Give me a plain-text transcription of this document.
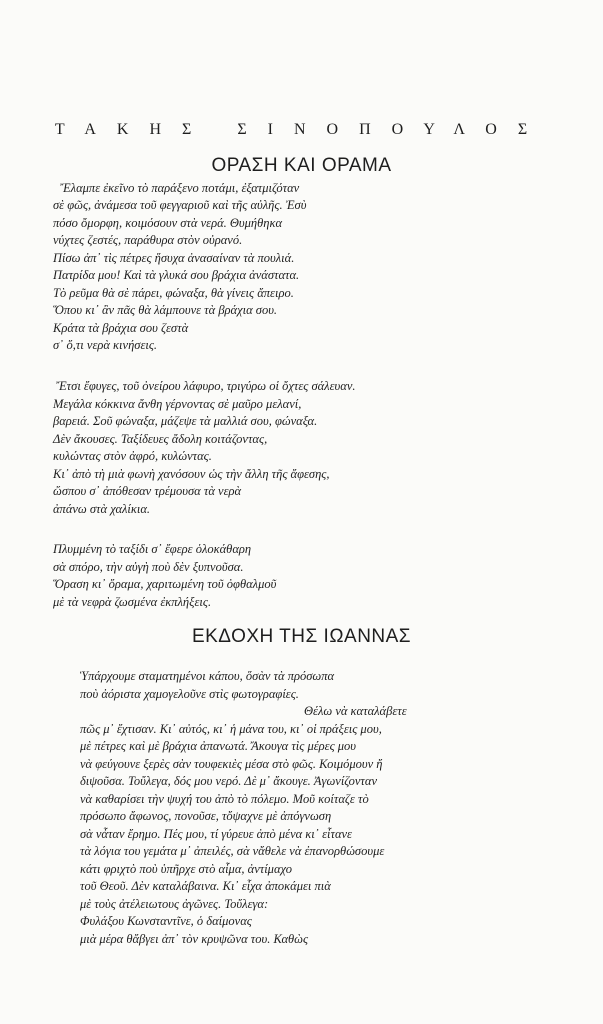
ΤΑΚΗΣ ΣΙΝΟΠΟΥΛΟΣ
ΟΡΑΣΗ ΚΑΙ ΟΡΑΜΑ
Ἔλαμπε ἐκεῖνο τὸ παράξενο ποτάμι, ἐξατμιζόταν
σὲ φῶς, ἀνάμεσα τοῦ φεγγαριοῦ καὶ τῆς αὐλῆς. Ἐσὺ
πόσο ὄμορφη, κοιμόσουν στὰ νερά. Θυμήθηκα
νύχτες ζεστές, παράθυρα στὸν οὐρανό.
Πίσω ἀπ᾿ τὶς πέτρες ἥσυχα ἀνασαίναν τὰ πουλιά.
Πατρίδα μου! Καὶ τὰ γλυκά σου βράχια ἀνάστατα.
Τὸ ρεῦμα θὰ σὲ πάρει, φώναξα, θὰ γίνεις ἄπειρο.
Ὅπου κι᾿ ἂν πᾶς θὰ λάμπουνε τὰ βράχια σου.
Κράτα τὰ βράχια σου ζεστὰ
σ᾿ ὅ,τι νερὰ κινήσεις.
Ἔτσι ἔφυγες, τοῦ ὀνείρου λάφυρο, τριγύρω οἱ ὄχτες σάλευαν.
Μεγάλα κόκκινα ἄνθη γέρνοντας σὲ μαῦρο μελανί,
βαρειά. Σοῦ φώναξα, μάζεψε τὰ μαλλιά σου, φώναξα.
Δὲν ἄκουσες. Ταξίδευες ἄδολη κοιτάζοντας,
κυλώντας στὸν ἀφρό, κυλώντας.
Κι᾿ ἀπὸ τὴ μιὰ φωνὴ χανόσουν ὡς τὴν ἄλλη τῆς ἄφεσης,
ὥσπου σ᾿ ἀπόθεσαν τρέμουσα τὰ νερὰ
ἀπάνω στὰ χαλίκια.
Πλυμμένη τὸ ταξίδι σ᾿ ἔφερε ὁλοκάθαρη
σὰ σπόρο, τὴν αὐγὴ ποὺ δὲν ξυπνοῦσα.
Ὅραση κι᾿ ὅραμα, χαριτωμένη τοῦ ὀφθαλμοῦ
μὲ τὰ νεφρὰ ζωσμένα ἐκπλήξεις.
ΕΚΔΟΧΗ ΤΗΣ ΙΩΑΝΝΑΣ
Ὑπάρχουμε σταματημένοι κάπου, ὅσὰν τὰ πρόσωπα
ποὺ ἀόριστα χαμογελοῦνε στὶς φωτογραφίες.
Θέλω νὰ καταλάβετε
πῶς μ᾿ ἔχτισαν. Κι᾿ αὐτός, κι᾿ ἡ μάνα του, κι᾿ οἱ πράξεις μου,
μὲ πέτρες καὶ μὲ βράχια ἀπανωτά. Ἄκουγα τὶς μέρες μου
νὰ φεύγουνε ξερὲς σὰν τουφεκιὲς μέσα στὸ φῶς. Κοιμόμουν ἤ
διψοῦσα. Τοὔλεγα, δός μου νερό. Δὲ μ᾿ ἄκουγε. Ἀγωνίζονταν
νὰ καθαρίσει τὴν ψυχή του ἀπὸ τὸ πόλεμο. Μοῦ κοίταζε τὸ
πρόσωπο ἄφωνος, πονοῦσε, τὄψαχνε μὲ ἀπόγνωση
σὰ νἆταν ἔρημο. Πές μου, τί γύρευε ἀπὸ μένα κι᾿ εἶτανε
τὰ λόγια του γεμάτα μ᾿ ἀπειλές, σὰ νἄθελε νὰ ἐπανορθώσουμε
κάτι φριχτὸ ποὺ ὑπῆρχε στὸ αἷμα, ἀντίμαχο
τοῦ Θεοῦ. Δὲν καταλάβαινα. Κι᾿ εἶχα ἀποκάμει πιὰ
μὲ τοὺς ἀτέλειωτους ἀγῶνες. Τοὔλεγα:
Φυλάξου Κωνσταντῖνε, ὁ δαίμονας
μιὰ μέρα θἄβγει ἀπ᾿ τὸν κρυψῶνα του. Καθὼς
